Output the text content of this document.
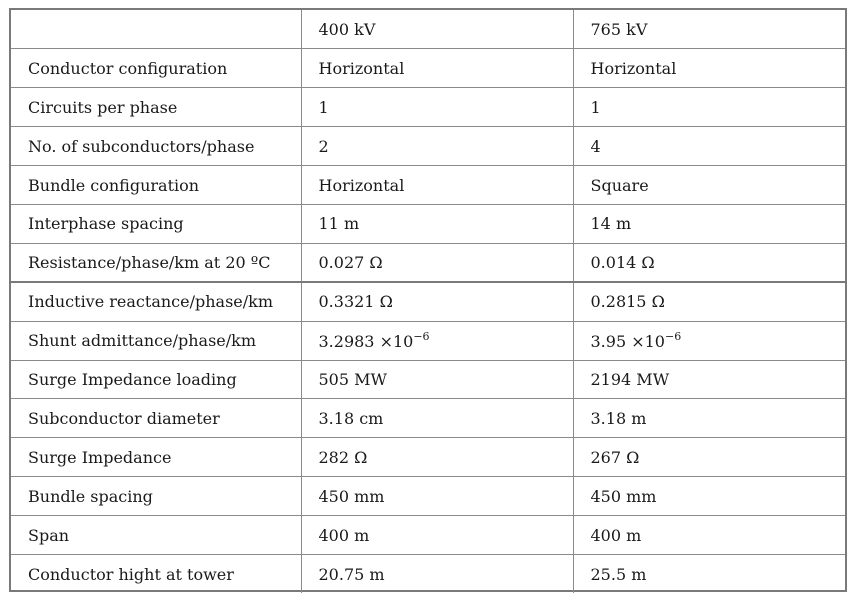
	400 kV	765 kV
Conductor configuration	Horizontal	Horizontal
Circuits per phase	1	1
No. of subconductors/phase	2	4
Bundle configuration	Horizontal	Square
Interphase spacing	11 m	14 m
Resistance/phase/km at 20 ºC	0.027 Ω	0.014 Ω
Inductive reactance/phase/km	0.3321 Ω	0.2815 Ω
Shunt admittance/phase/km	$3.2983 \times 10^{-6}$	$3.95 \times 10^{-6}$
Surge Impedance loading	505 MW	2194 MW
Subconductor diameter	3.18 cm	3.18 m
Surge Impedance	282 Ω	267 Ω
Bundle spacing	450 mm	450 mm
Span	400 m	400 m
Conductor hight at tower	20.75 m	25.5 m
